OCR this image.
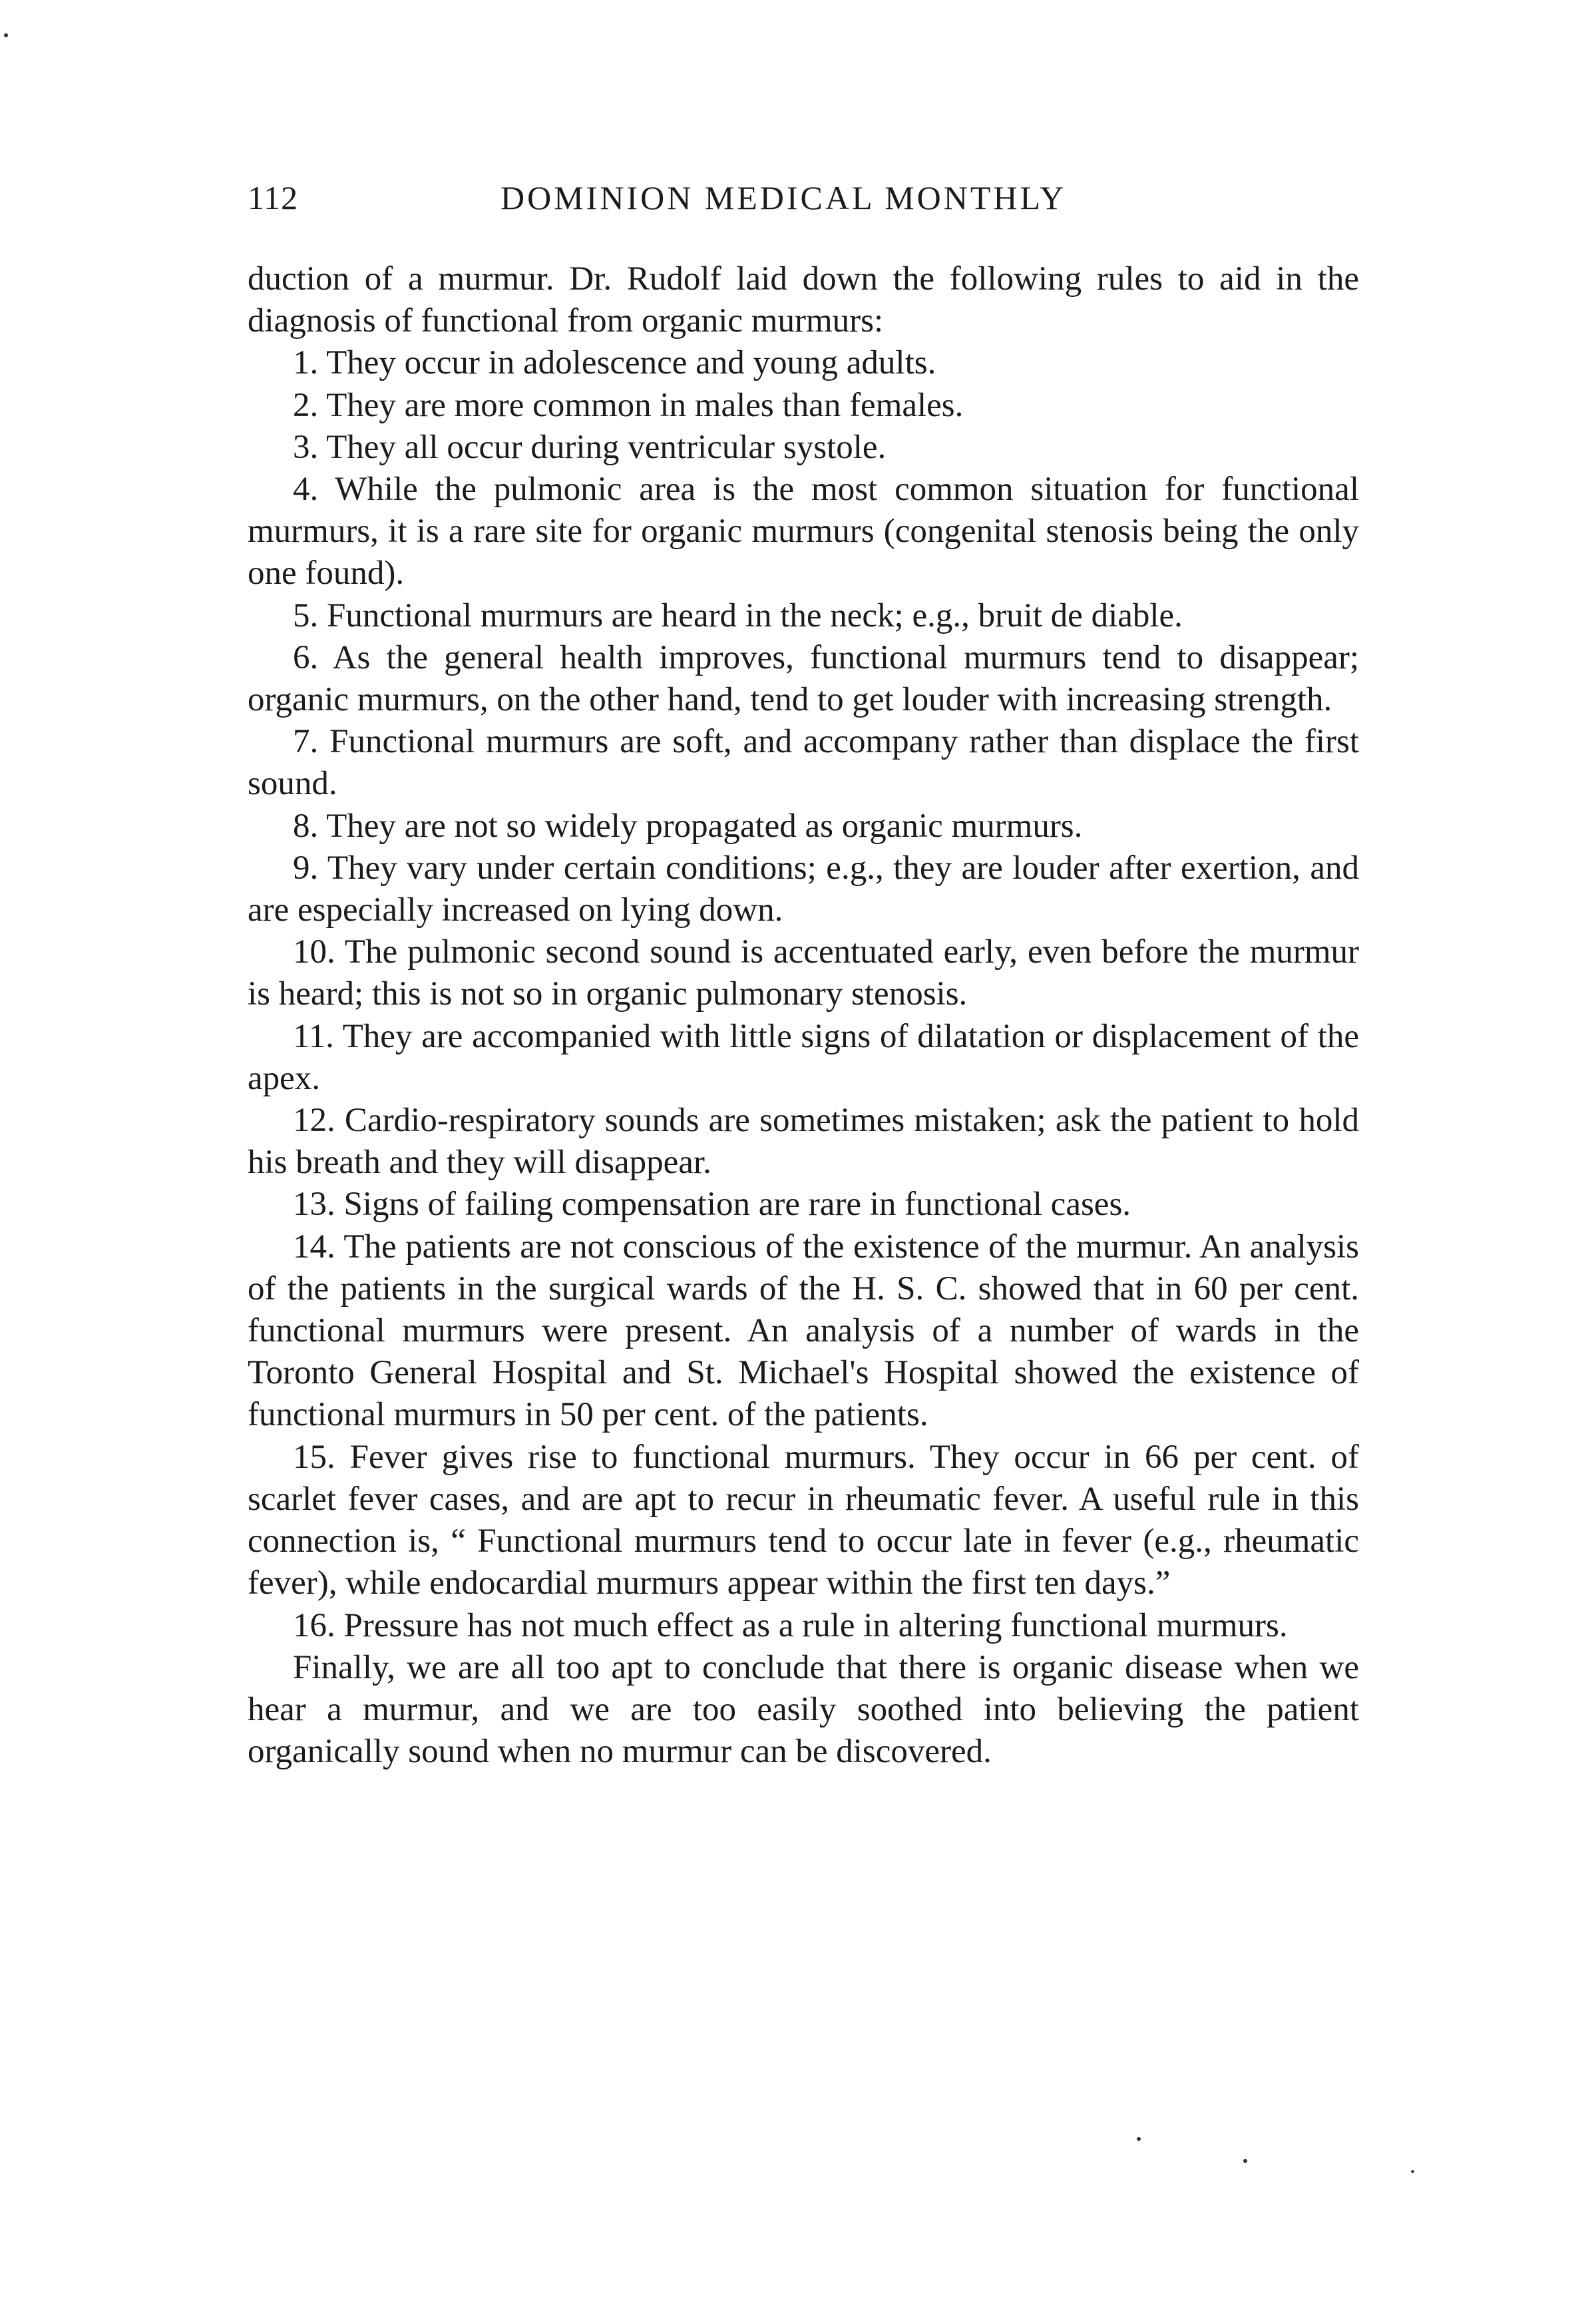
112	DOMINION MEDICAL MONTHLY

duction of a murmur. Dr. Rudolf laid down the following rules to aid in the diagnosis of functional from organic murmurs:

1. They occur in adolescence and young adults.

2. They are more common in males than females.

3. They all occur during ventricular systole.

4. While the pulmonic area is the most common situation for functional murmurs, it is a rare site for organic murmurs (congenital stenosis being the only one found).

5. Functional murmurs are heard in the neck; e.g., bruit de diable.

6. As the general health improves, functional murmurs tend to disappear; organic murmurs, on the other hand, tend to get louder with increasing strength.

7. Functional murmurs are soft, and accompany rather than displace the first sound.

8. They are not so widely propagated as organic murmurs.

9. They vary under certain conditions; e.g., they are louder after exertion, and are especially increased on lying down.

10. The pulmonic second sound is accentuated early, even before the murmur is heard; this is not so in organic pulmonary stenosis.

11. They are accompanied with little signs of dilatation or displacement of the apex.

12. Cardio-respiratory sounds are sometimes mistaken; ask the patient to hold his breath and they will disappear.

13. Signs of failing compensation are rare in functional cases.

14. The patients are not conscious of the existence of the murmur. An analysis of the patients in the surgical wards of the H. S. C. showed that in 60 per cent. functional murmurs were present. An analysis of a number of wards in the Toronto General Hospital and St. Michael's Hospital showed the existence of functional murmurs in 50 per cent. of the patients.

15. Fever gives rise to functional murmurs. They occur in 66 per cent. of scarlet fever cases, and are apt to recur in rheumatic fever. A useful rule in this connection is, “ Functional murmurs tend to occur late in fever (e.g., rheumatic fever), while endocardial murmurs appear within the first ten days.”

16. Pressure has not much effect as a rule in altering functional murmurs.

Finally, we are all too apt to conclude that there is organic disease when we hear a murmur, and we are too easily soothed into believing the patient organically sound when no murmur can be discovered.
